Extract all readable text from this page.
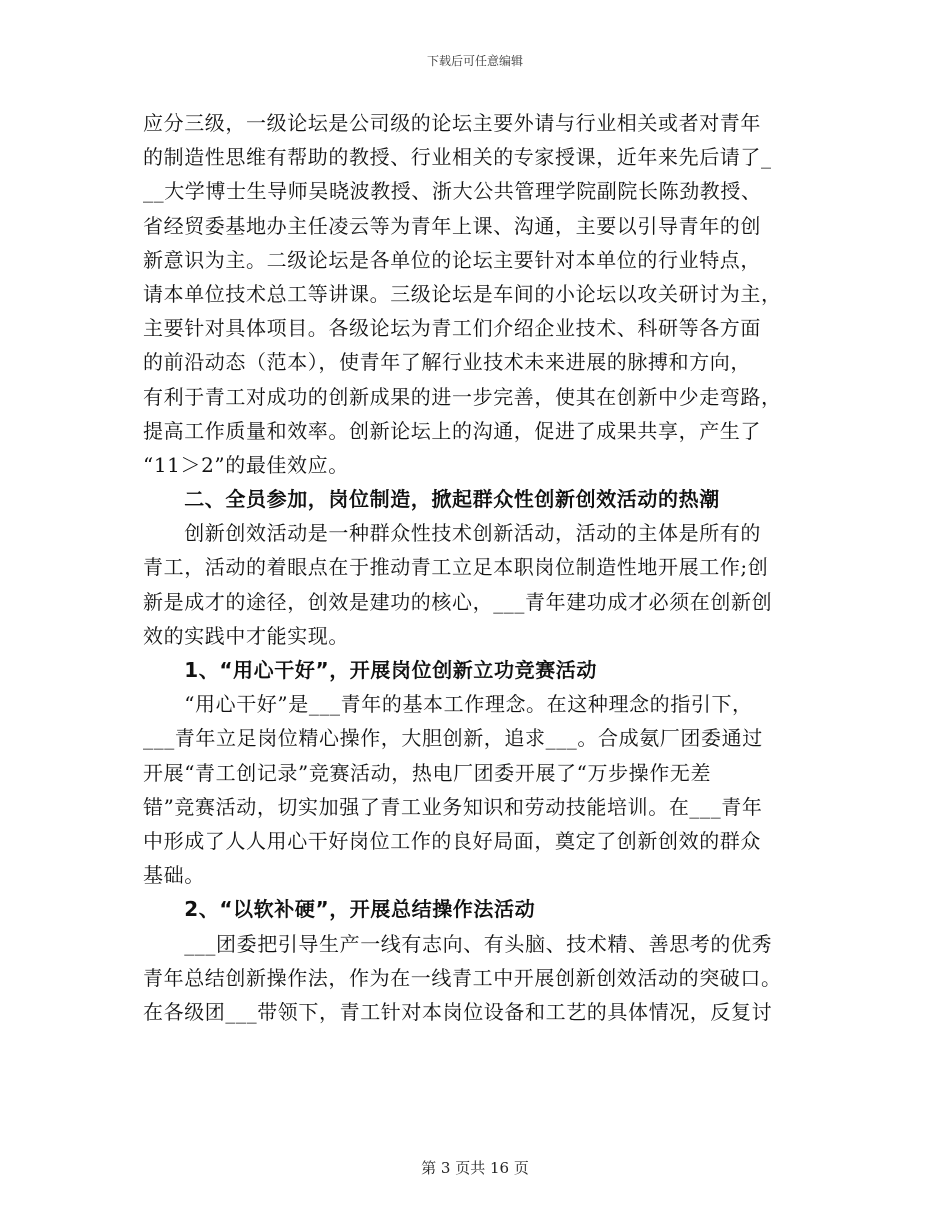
下载后可任意编辑
应分三级，一级论坛是公司级的论坛主要外请与行业相关或者对青年
的制造性思维有帮助的教授、行业相关的专家授课，近年来先后请了_
__大学博士生导师吴晓波教授、浙大公共管理学院副院长陈劲教授、
省经贸委基地办主任凌云等为青年上课、沟通，主要以引导青年的创
新意识为主。二级论坛是各单位的论坛主要针对本单位的行业特点，
请本单位技术总工等讲课。三级论坛是车间的小论坛以攻关研讨为主，
主要针对具体项目。各级论坛为青工们介绍企业技术、科研等各方面
的前沿动态（范本），使青年了解行业技术未来进展的脉搏和方向，
有利于青工对成功的创新成果的进一步完善，使其在创新中少走弯路，
提高工作质量和效率。创新论坛上的沟通，促进了成果共享，产生了
“11＞2”的最佳效应。
　　二、全员参加，岗位制造，掀起群众性创新创效活动的热潮
　　创新创效活动是一种群众性技术创新活动，活动的主体是所有的
青工，活动的着眼点在于推动青工立足本职岗位制造性地开展工作;创
新是成才的途径，创效是建功的核心，___青年建功成才必须在创新创
效的实践中才能实现。
　　1、“用心干好”，开展岗位创新立功竞赛活动
　　“用心干好”是___青年的基本工作理念。在这种理念的指引下，
___青年立足岗位精心操作，大胆创新，追求___。合成氨厂团委通过
开展“青工创记录”竞赛活动，热电厂团委开展了“万步操作无差
错”竞赛活动，切实加强了青工业务知识和劳动技能培训。在___青年
中形成了人人用心干好岗位工作的良好局面，奠定了创新创效的群众
基础。
　　2、“以软补硬”，开展总结操作法活动
　　___团委把引导生产一线有志向、有头脑、技术精、善思考的优秀
青年总结创新操作法，作为在一线青工中开展创新创效活动的突破口。
在各级团___带领下，青工针对本岗位设备和工艺的具体情况，反复讨
第 3 页共 16 页
